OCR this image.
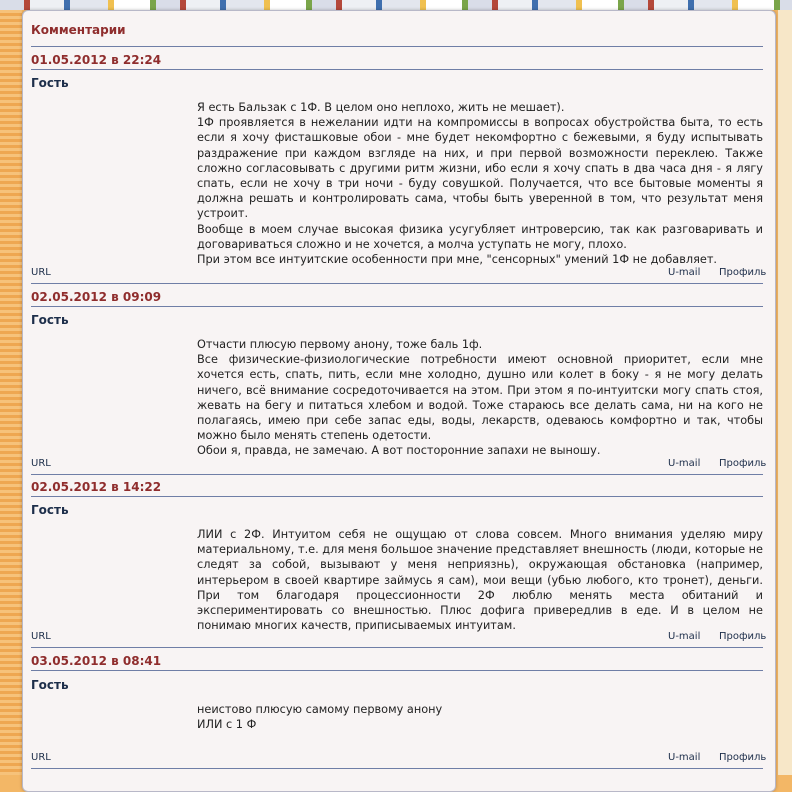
Комментарии
01.05.2012 в 22:24
Гость
Я есть Бальзак с 1Ф. В целом оно неплохо, жить не мешает).
1Ф проявляется в нежелании идти на компромиссы в вопросах обустройства быта, то есть если я хочу фисташковые обои - мне будет некомфортно с бежевыми, я буду испытывать раздражение при каждом взгляде на них, и при первой возможности переклею. Также сложно согласовывать с другими ритм жизни, ибо если я хочу спать в два часа дня - я лягу спать, если не хочу в три ночи - буду совушкой. Получается, что все бытовые моменты я должна решать и контролировать сама, чтобы быть уверенной в том, что результат меня устроит.
Вообще в моем случае высокая физика усугубляет интроверсию, так как разговаривать и договариваться сложно и не хочется, а молча уступать не могу, плохо.
При этом все интуитские особенности при мне, "сенсорных" умений 1Ф не добавляет.
URL	U-mail Профиль
02.05.2012 в 09:09
Гость
Отчасти плюсую первому анону, тоже баль 1ф.
Все физические-физиологические потребности имеют основной приоритет, если мне хочется есть, спать, пить, если мне холодно, душно или колет в боку - я не могу делать ничего, всё внимание сосредоточивается на этом. При этом я по-интуитски могу спать стоя, жевать на бегу и питаться хлебом и водой. Тоже стараюсь все делать сама, ни на кого не полагаясь, имею при себе запас еды, воды, лекарств, одеваюсь комфортно и так, чтобы можно было менять степень одетости.
Обои я, правда, не замечаю. А вот посторонние запахи не выношу.
URL	U-mail Профиль
02.05.2012 в 14:22
Гость
ЛИИ с 2Ф. Интуитом себя не ощущаю от слова совсем. Много внимания уделяю миру материальному, т.е. для меня большое значение представляет внешность (люди, которые не следят за собой, вызывают у меня неприязнь), окружающая обстановка (например, интерьером в своей квартире займусь я сам), мои вещи (убью любого, кто тронет), деньги. При том благодаря процессионности 2Ф люблю менять места обитаний и экспериментировать со внешностью. Плюс дофига привередлив в еде. И в целом не понимаю многих качеств, приписываемых интуитам.
URL	U-mail Профиль
03.05.2012 в 08:41
Гость
неистово плюсую самому первому анону
ИЛИ с 1 Ф
URL	U-mail Профиль
